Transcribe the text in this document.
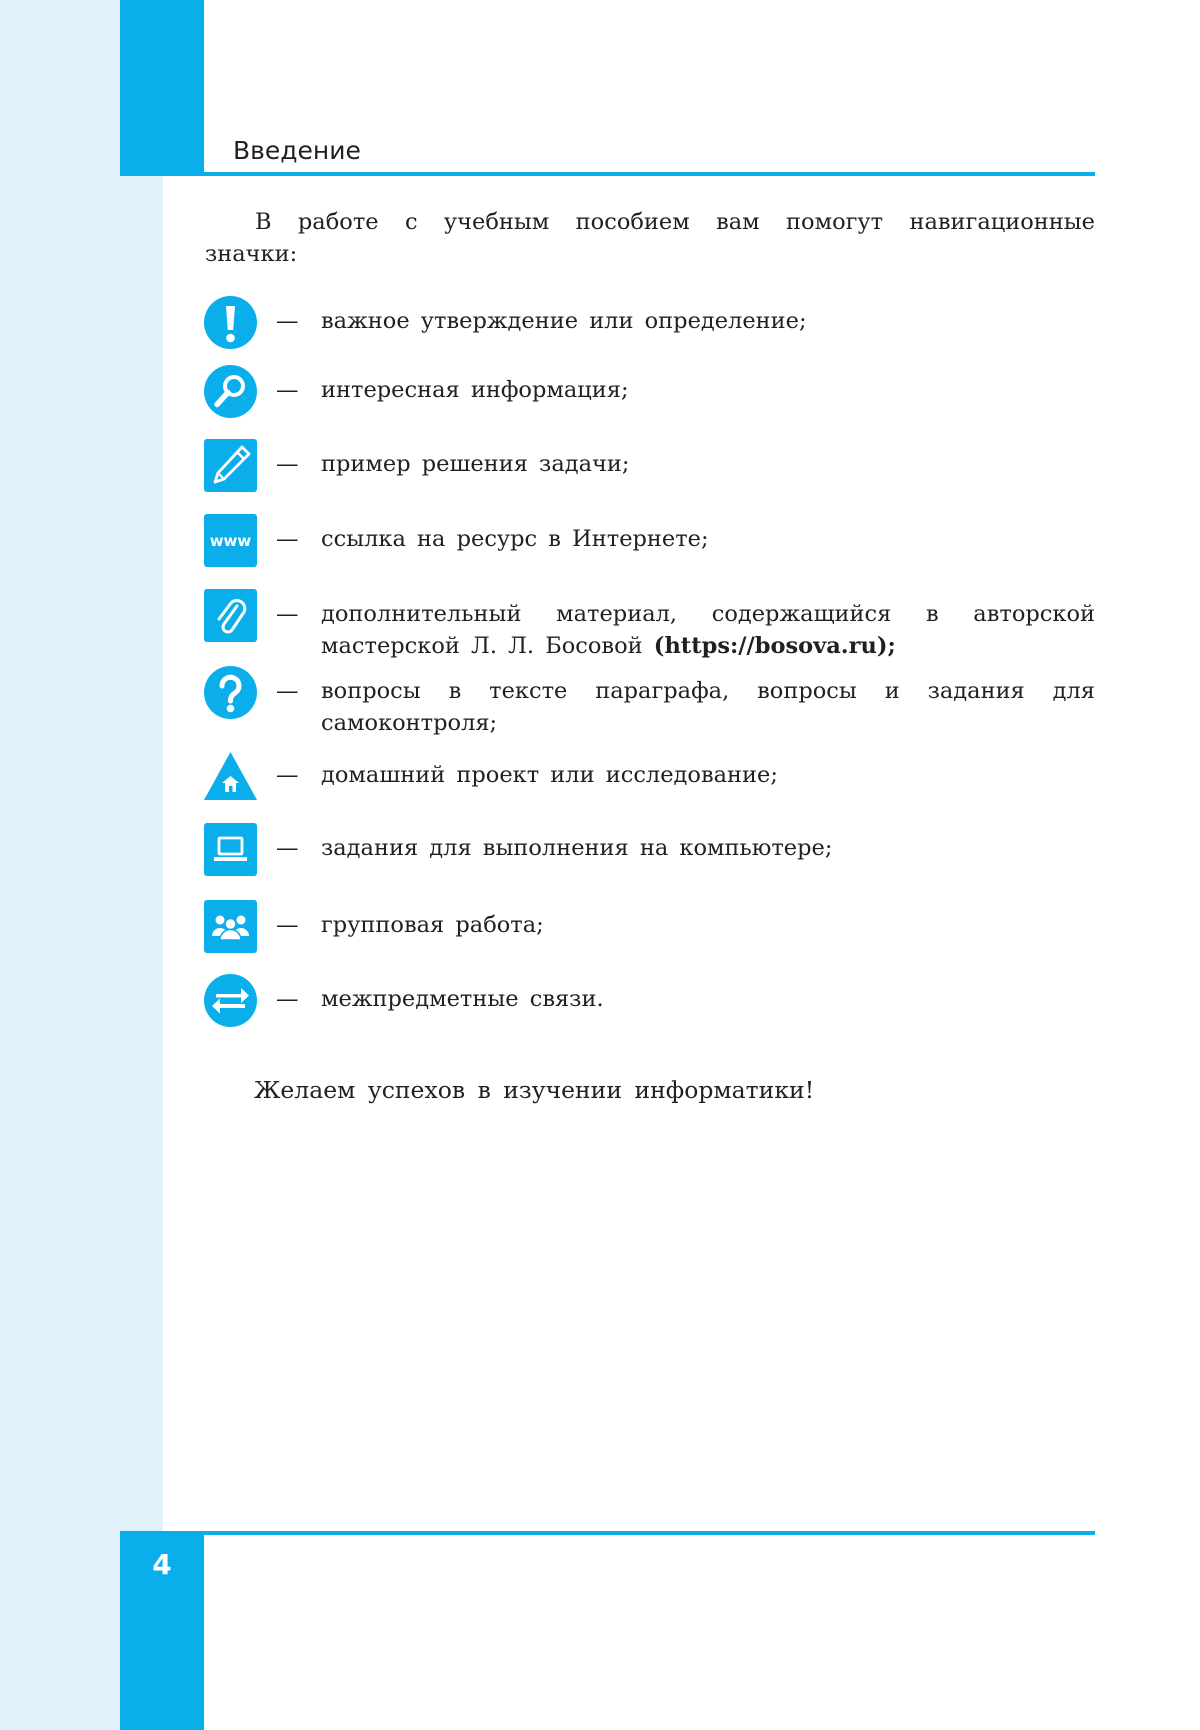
Введение
В работе с учебным пособием вам помогут навигационные значки:
— важное утверждение или определение;
— интересная информация;
— пример решения задачи;
www — ссылка на ресурс в Интернете;
— дополнительный материал, содержащийся в авторской мастерской Л. Л. Босовой (https://bosova.ru);
— вопросы в тексте параграфа, вопросы и задания для самоконтроля;
— домашний проект или исследование;
— задания для выполнения на компьютере;
— групповая работа;
— межпредметные связи.
Желаем успехов в изучении информатики!
4
